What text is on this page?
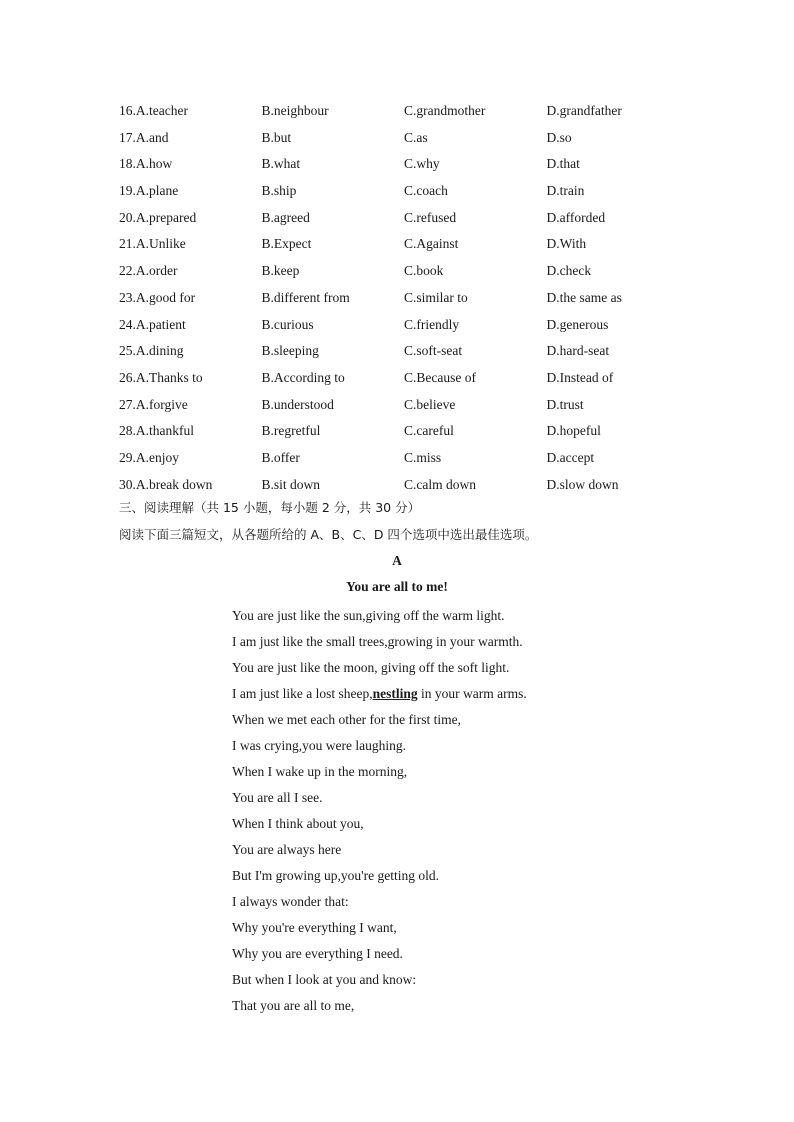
16.A.teacher	B.neighbour	C.grandmother	D.grandfather
17.A.and	B.but	C.as	D.so
18.A.how	B.what	C.why	D.that
19.A.plane	B.ship	C.coach	D.train
20.A.prepared	B.agreed	C.refused	D.afforded
21.A.Unlike	B.Expect	C.Against	D.With
22.A.order	B.keep	C.book	D.check
23.A.good for	B.different from	C.similar to	D.the same as
24.A.patient	B.curious	C.friendly	D.generous
25.A.dining	B.sleeping	C.soft-seat	D.hard-seat
26.A.Thanks to	B.According to	C.Because of	D.Instead of
27.A.forgive	B.understood	C.believe	D.trust
28.A.thankful	B.regretful	C.careful	D.hopeful
29.A.enjoy	B.offer	C.miss	D.accept
30.A.break down	B.sit down	C.calm down	D.slow down
三、阅读理解（共 15 小题，每小题 2 分，共 30 分）
阅读下面三篇短文，从各题所给的 A、B、C、D 四个选项中选出最佳选项。
A
You are all to me!
You are just like the sun,giving off the warm light.
I am just like the small trees,growing in your warmth.
You are just like the moon, giving off the soft light.
I am just like a lost sheep,nestling in your warm arms.
When we met each other for the first time,
I was crying,you were laughing.
When I wake up in the morning,
You are all I see.
When I think about you,
You are always here
But I'm growing up,you're getting old.
I always wonder that:
Why you're everything I want,
Why you are everything I need.
But when I look at you and know:
That you are all to me,
